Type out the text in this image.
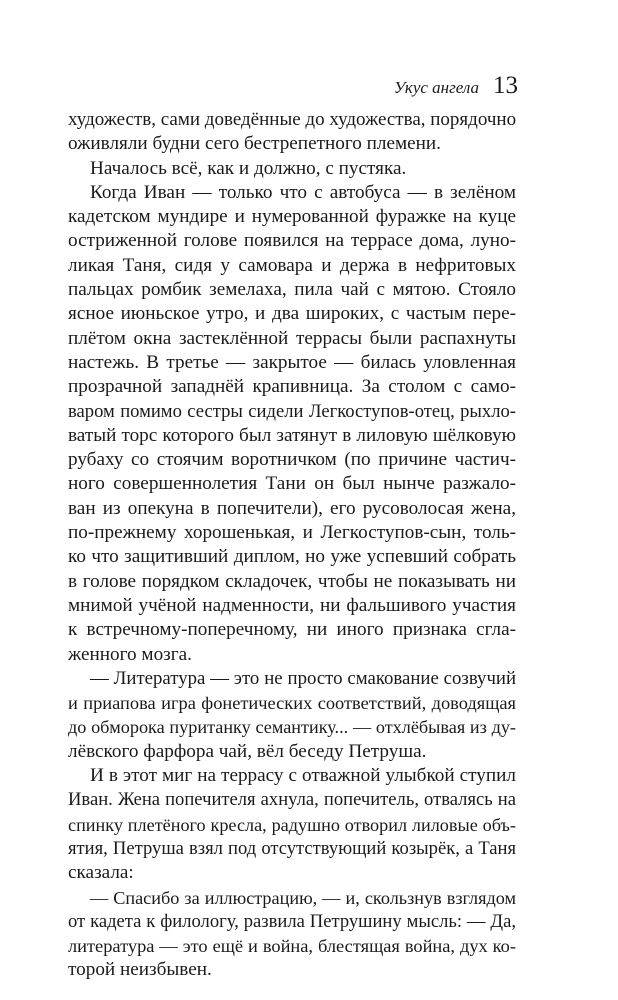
Укус ангела 13
художеств, сами доведённые до художества, порядочно
оживляли будни сего бестрепетного племени.
Началось всё, как и должно, с пустяка.
Когда Иван — только что с автобуса — в зелёном
кадетском мундире и нумерованной фуражке на куце
остриженной голове появился на террасе дома, луно-
ликая Таня, сидя у самовара и держа в нефритовых
пальцах ромбик земелаха, пила чай с мятою. Стояло
ясное июньское утро, и два широких, с частым пере-
плётом окна застеклённой террасы были распахнуты
настежь. В третье — закрытое — билась уловленная
прозрачной западнёй крапивница. За столом с само-
варом помимо сестры сидели Легкоступов-отец, рыхло-
ватый торс которого был затянут в лиловую шёлковую
рубаху со стоячим воротничком (по причине частич-
ного совершеннолетия Тани он был нынче разжало-
ван из опекуна в попечители), его русоволосая жена,
по-прежнему хорошенькая, и Легкоступов-сын, толь-
ко что защитивший диплом, но уже успевший собрать
в голове порядком складочек, чтобы не показывать ни
мнимой учёной надменности, ни фальшивого участия
к встречному-поперечному, ни иного признака сгла-
женного мозга.
— Литература — это не просто смакование созвучий
и приапова игра фонетических соответствий, доводящая
до обморока пуританку семантику... — отхлёбывая из ду-
лёвского фарфора чай, вёл беседу Петруша.
И в этот миг на террасу с отважной улыбкой ступил
Иван. Жена попечителя ахнула, попечитель, отвалясь на
спинку плетёного кресла, радушно отворил лиловые объ-
ятия, Петруша взял под отсутствующий козырёк, а Таня
сказала:
— Спасибо за иллюстрацию, — и, скользнув взглядом
от кадета к филологу, развила Петрушину мысль: — Да,
литература — это ещё и война, блестящая война, дух ко-
торой неизбывен.
